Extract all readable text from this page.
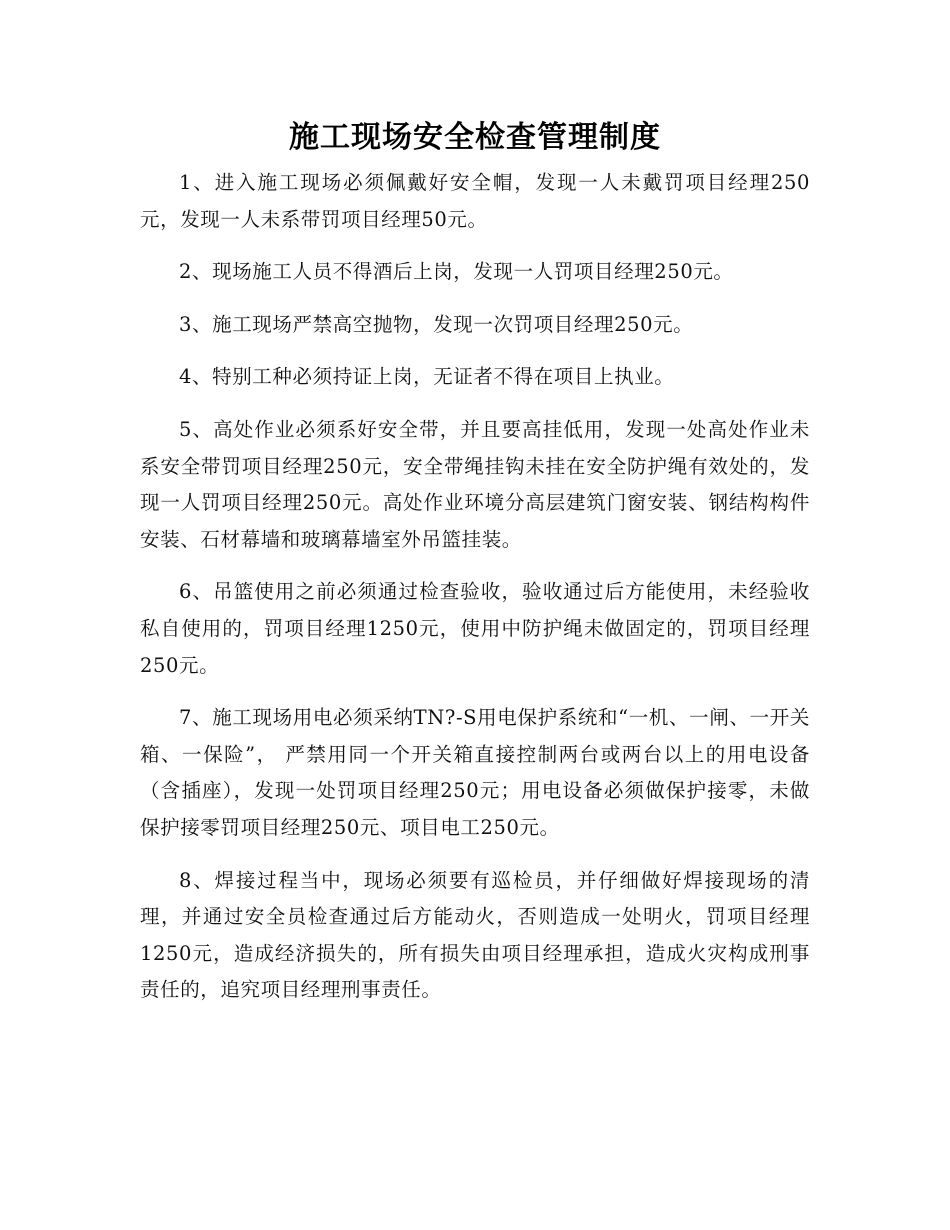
施工现场安全检查管理制度

1、进入施工现场必须佩戴好安全帽，发现一人未戴罚项目经理250元，发现一人未系带罚项目经理50元。

2、现场施工人员不得酒后上岗，发现一人罚项目经理250元。

3、施工现场严禁高空抛物，发现一次罚项目经理250元。

4、特别工种必须持证上岗，无证者不得在项目上执业。

5、高处作业必须系好安全带，并且要高挂低用，发现一处高处作业未系安全带罚项目经理250元，安全带绳挂钩未挂在安全防护绳有效处的，发现一人罚项目经理250元。高处作业环境分高层建筑门窗安装、钢结构构件安装、石材幕墙和玻璃幕墙室外吊篮挂装。

6、吊篮使用之前必须通过检查验收，验收通过后方能使用，未经验收私自使用的，罚项目经理1250元，使用中防护绳未做固定的，罚项目经理250元。

7、施工现场用电必须采纳TN?-S用电保护系统和“一机、一闸、一开关箱、一保险”， 严禁用同一个开关箱直接控制两台或两台以上的用电设备（含插座），发现一处罚项目经理250元；用电设备必须做保护接零，未做保护接零罚项目经理250元、项目电工250元。

8、焊接过程当中，现场必须要有巡检员，并仔细做好焊接现场的清理，并通过安全员检查通过后方能动火，否则造成一处明火，罚项目经理1250元，造成经济损失的，所有损失由项目经理承担，造成火灾构成刑事责任的，追究项目经理刑事责任。
